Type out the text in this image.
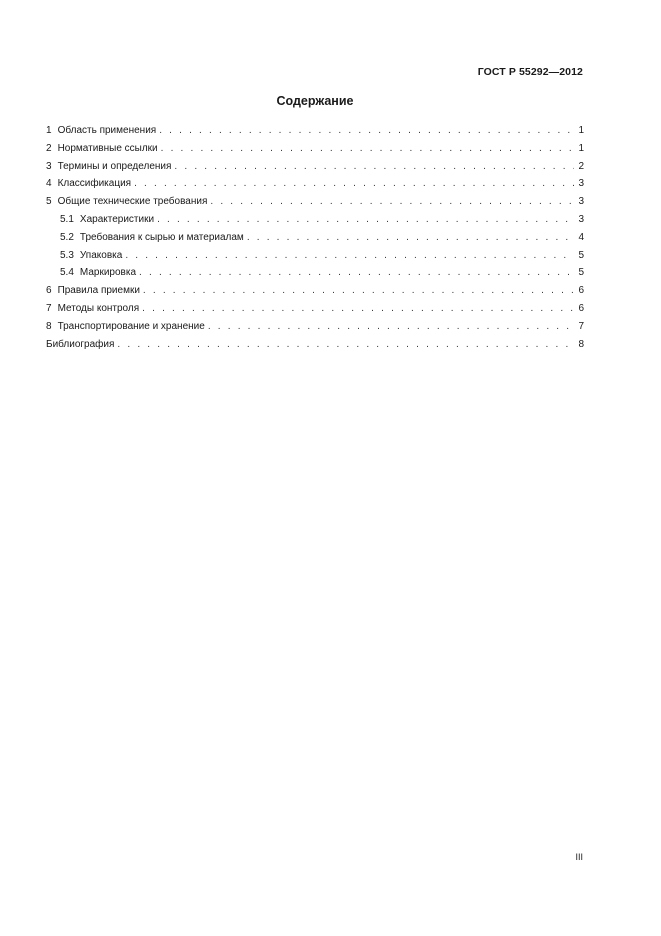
ГОСТ Р 55292—2012
Содержание
1 Область применения . . .	1
2 Нормативные ссылки . . .	1
3 Термины и определения . . .	2
4 Классификация . . .	3
5 Общие технические требования . . .	3
5.1 Характеристики . . .	3
5.2 Требования к сырью и материалам . . .	4
5.3 Упаковка . . .	5
5.4 Маркировка . . .	5
6 Правила приемки . . .	6
7 Методы контроля . . .	6
8 Транспортирование и хранение . . .	7
Библиография . . .	8
III
